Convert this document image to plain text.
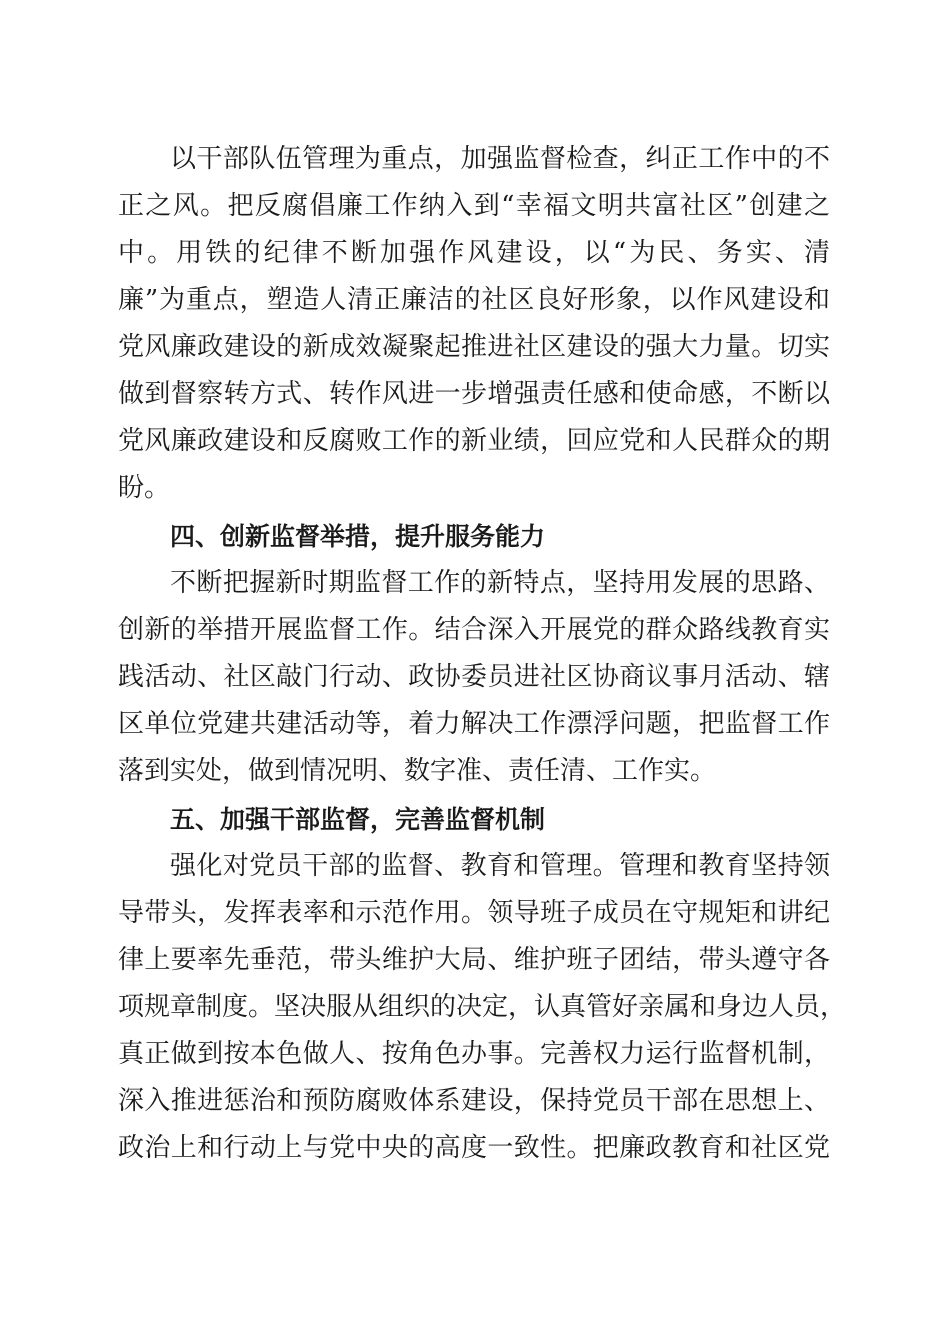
以干部队伍管理为重点，加强监督检查，纠正工作中的不
正之风。把反腐倡廉工作纳入到“幸福文明共富社区”创建之
中。用铁的纪律不断加强作风建设，以“为民、务实、清
廉”为重点，塑造人清正廉洁的社区良好形象，以作风建设和
党风廉政建设的新成效凝聚起推进社区建设的强大力量。切实
做到督察转方式、转作风进一步增强责任感和使命感，不断以
党风廉政建设和反腐败工作的新业绩，回应党和人民群众的期
盼。
四、创新监督举措，提升服务能力
不断把握新时期监督工作的新特点，坚持用发展的思路、
创新的举措开展监督工作。结合深入开展党的群众路线教育实
践活动、社区敲门行动、政协委员进社区协商议事月活动、辖
区单位党建共建活动等，着力解决工作漂浮问题，把监督工作
落到实处，做到情况明、数字准、责任清、工作实。
五、加强干部监督，完善监督机制
强化对党员干部的监督、教育和管理。管理和教育坚持领
导带头，发挥表率和示范作用。领导班子成员在守规矩和讲纪
律上要率先垂范，带头维护大局、维护班子团结，带头遵守各
项规章制度。坚决服从组织的决定，认真管好亲属和身边人员，
真正做到按本色做人、按角色办事。完善权力运行监督机制，
深入推进惩治和预防腐败体系建设，保持党员干部在思想上、
政治上和行动上与党中央的高度一致性。把廉政教育和社区党
